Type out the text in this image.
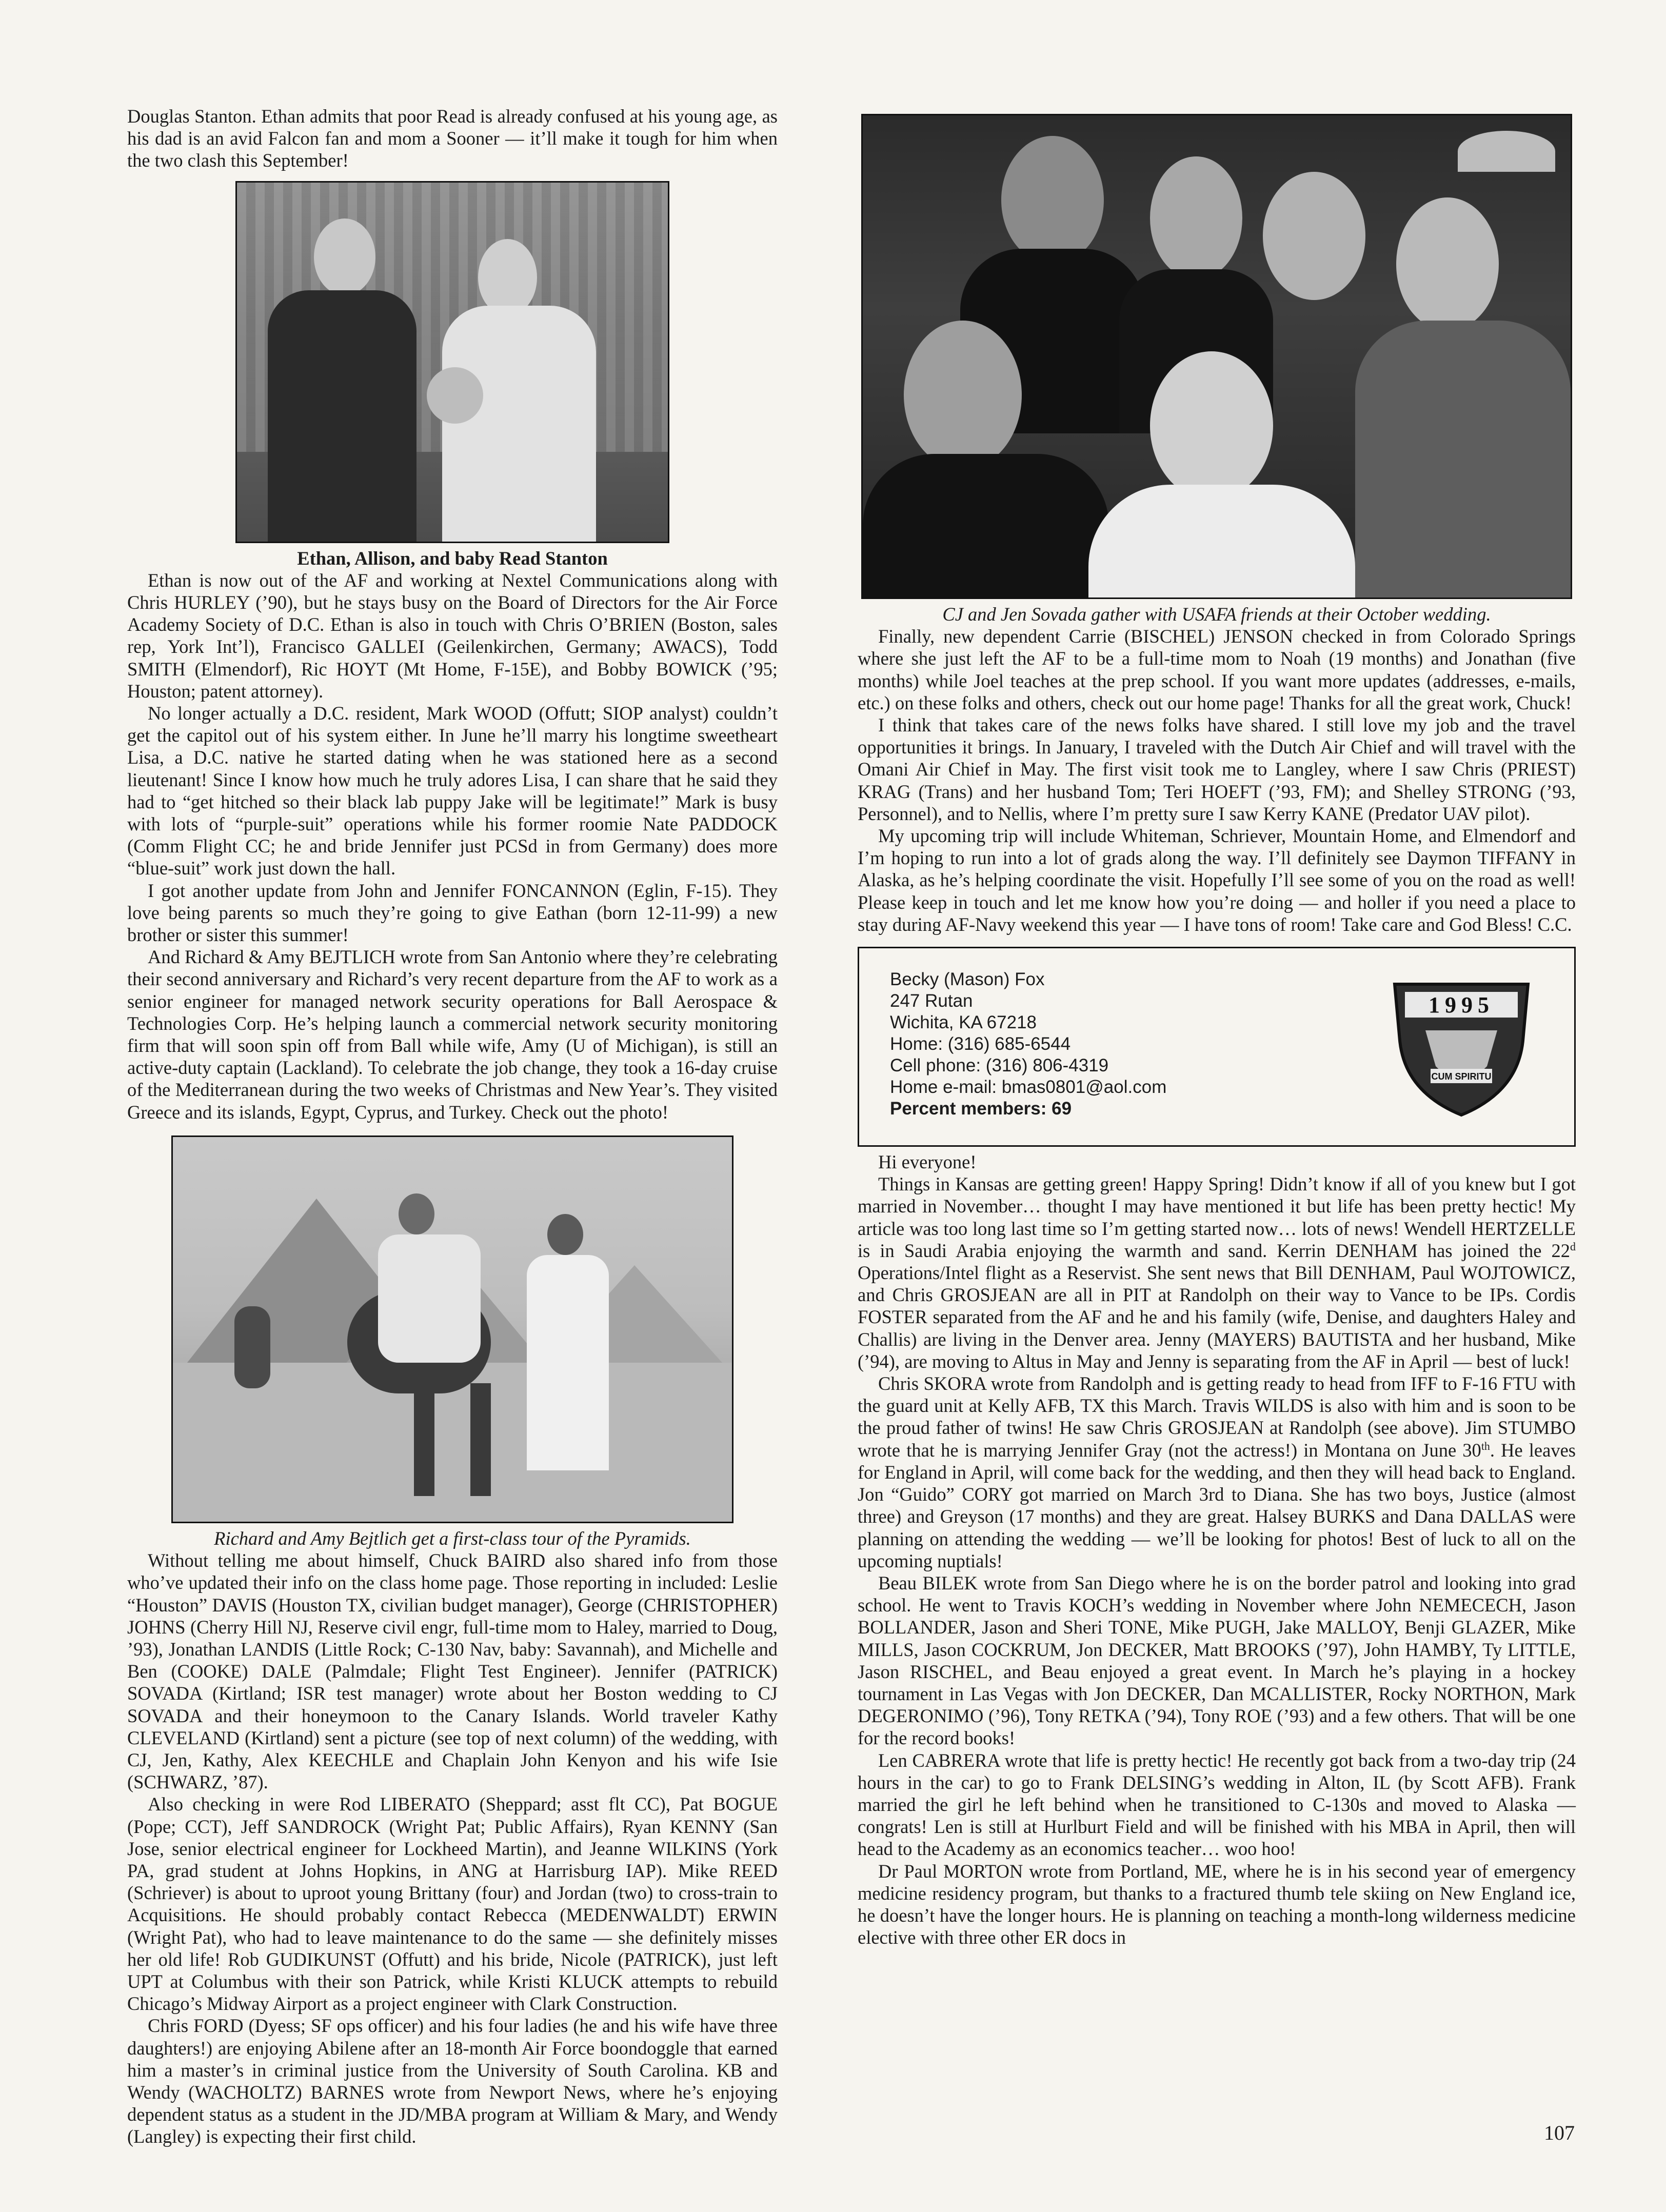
Douglas Stanton. Ethan admits that poor Read is already confused at his young age, as his dad is an avid Falcon fan and mom a Sooner — it’ll make it tough for him when the two clash this September!

Ethan, Allison, and baby Read Stanton

Ethan is now out of the AF and working at Nextel Communications along with Chris HURLEY (’90), but he stays busy on the Board of Directors for the Air Force Academy Society of D.C. Ethan is also in touch with Chris O’BRIEN (Boston, sales rep, York Int’l), Francisco GALLEI (Geilenkirchen, Germany; AWACS), Todd SMITH (Elmendorf), Ric HOYT (Mt Home, F-15E), and Bobby BOWICK (’95; Houston; patent attorney).

No longer actually a D.C. resident, Mark WOOD (Offutt; SIOP analyst) couldn’t get the capitol out of his system either. In June he’ll marry his longtime sweetheart Lisa, a D.C. native he started dating when he was stationed here as a second lieutenant! Since I know how much he truly adores Lisa, I can share that he said they had to “get hitched so their black lab puppy Jake will be legitimate!” Mark is busy with lots of “purple-suit” operations while his former roomie Nate PADDOCK (Comm Flight CC; he and bride Jennifer just PCSd in from Germany) does more “blue-suit” work just down the hall.

I got another update from John and Jennifer FONCANNON (Eglin, F-15). They love being parents so much they’re going to give Eathan (born 12-11-99) a new brother or sister this summer!

And Richard & Amy BEJTLICH wrote from San Antonio where they’re celebrating their second anniversary and Richard’s very recent departure from the AF to work as a senior engineer for managed network security operations for Ball Aerospace & Technologies Corp. He’s helping launch a commercial network security monitoring firm that will soon spin off from Ball while wife, Amy (U of Michigan), is still an active-duty captain (Lackland). To celebrate the job change, they took a 16-day cruise of the Mediterranean during the two weeks of Christmas and New Year’s. They visited Greece and its islands, Egypt, Cyprus, and Turkey. Check out the photo!

Richard and Amy Bejtlich get a first-class tour of the Pyramids.

Without telling me about himself, Chuck BAIRD also shared info from those who’ve updated their info on the class home page. Those reporting in included: Leslie “Houston” DAVIS (Houston TX, civilian budget manager), George (CHRISTOPHER) JOHNS (Cherry Hill NJ, Reserve civil engr, full-time mom to Haley, married to Doug, ’93), Jonathan LANDIS (Little Rock; C-130 Nav, baby: Savannah), and Michelle and Ben (COOKE) DALE (Palmdale; Flight Test Engineer). Jennifer (PATRICK) SOVADA (Kirtland; ISR test manager) wrote about her Boston wedding to CJ SOVADA and their honeymoon to the Canary Islands. World traveler Kathy CLEVELAND (Kirtland) sent a picture (see top of next column) of the wedding, with CJ, Jen, Kathy, Alex KEECHLE and Chaplain John Kenyon and his wife Isie (SCHWARZ, ’87).

Also checking in were Rod LIBERATO (Sheppard; asst flt CC), Pat BOGUE (Pope; CCT), Jeff SANDROCK (Wright Pat; Public Affairs), Ryan KENNY (San Jose, senior electrical engineer for Lockheed Martin), and Jeanne WILKINS (York PA, grad student at Johns Hopkins, in ANG at Harrisburg IAP). Mike REED (Schriever) is about to uproot young Brittany (four) and Jordan (two) to cross-train to Acquisitions. He should probably contact Rebecca (MEDENWALDT) ERWIN (Wright Pat), who had to leave maintenance to do the same — she definitely misses her old life! Rob GUDIKUNST (Offutt) and his bride, Nicole (PATRICK), just left UPT at Columbus with their son Patrick, while Kristi KLUCK attempts to rebuild Chicago’s Midway Airport as a project engineer with Clark Construction.

Chris FORD (Dyess; SF ops officer) and his four ladies (he and his wife have three daughters!) are enjoying Abilene after an 18-month Air Force boondoggle that earned him a master’s in criminal justice from the University of South Carolina. KB and Wendy (WACHOLTZ) BARNES wrote from Newport News, where he’s enjoying dependent status as a student in the JD/MBA program at William & Mary, and Wendy (Langley) is expecting their first child.

CJ and Jen Sovada gather with USAFA friends at their October wedding.

Finally, new dependent Carrie (BISCHEL) JENSON checked in from Colorado Springs where she just left the AF to be a full-time mom to Noah (19 months) and Jonathan (five months) while Joel teaches at the prep school. If you want more updates (addresses, e-mails, etc.) on these folks and others, check out our home page! Thanks for all the great work, Chuck!

I think that takes care of the news folks have shared. I still love my job and the travel opportunities it brings. In January, I traveled with the Dutch Air Chief and will travel with the Omani Air Chief in May. The first visit took me to Langley, where I saw Chris (PRIEST) KRAG (Trans) and her husband Tom; Teri HOEFT (’93, FM); and Shelley STRONG (’93, Personnel), and to Nellis, where I’m pretty sure I saw Kerry KANE (Predator UAV pilot).

My upcoming trip will include Whiteman, Schriever, Mountain Home, and Elmendorf and I’m hoping to run into a lot of grads along the way. I’ll definitely see Daymon TIFFANY in Alaska, as he’s helping coordinate the visit. Hopefully I’ll see some of you on the road as well! Please keep in touch and let me know how you’re doing — and holler if you need a place to stay during AF-Navy weekend this year — I have tons of room! Take care and God Bless! C.C.

Becky (Mason) Fox
247 Rutan
Wichita, KA 67218
Home: (316) 685-6544
Cell phone: (316) 806-4319
Home e-mail: bmas0801@aol.com
Percent members: 69
1995
CUM SPIRITU

Hi everyone!

Things in Kansas are getting green! Happy Spring! Didn’t know if all of you knew but I got married in November… thought I may have mentioned it but life has been pretty hectic! My article was too long last time so I’m getting started now… lots of news! Wendell HERTZELLE is in Saudi Arabia enjoying the warmth and sand. Kerrin DENHAM has joined the 22$^d$ Operations/Intel flight as a Reservist. She sent news that Bill DENHAM, Paul WOJTOWICZ, and Chris GROSJEAN are all in PIT at Randolph on their way to Vance to be IPs. Cordis FOSTER separated from the AF and he and his family (wife, Denise, and daughters Haley and Challis) are living in the Denver area. Jenny (MAYERS) BAUTISTA and her husband, Mike (’94), are moving to Altus in May and Jenny is separating from the AF in April — best of luck!

Chris SKORA wrote from Randolph and is getting ready to head from IFF to F-16 FTU with the guard unit at Kelly AFB, TX this March. Travis WILDS is also with him and is soon to be the proud father of twins! He saw Chris GROSJEAN at Randolph (see above). Jim STUMBO wrote that he is marrying Jennifer Gray (not the actress!) in Montana on June 30th. He leaves for England in April, will come back for the wedding, and then they will head back to England. Jon “Guido” CORY got married on March 3rd to Diana. She has two boys, Justice (almost three) and Greyson (17 months) and they are great. Halsey BURKS and Dana DALLAS were planning on attending the wedding — we’ll be looking for photos! Best of luck to all on the upcoming nuptials!

Beau BILEK wrote from San Diego where he is on the border patrol and looking into grad school. He went to Travis KOCH’s wedding in November where John NEMECECH, Jason BOLLANDER, Jason and Sheri TONE, Mike PUGH, Jake MALLOY, Benji GLAZER, Mike MILLS, Jason COCKRUM, Jon DECKER, Matt BROOKS (’97), John HAMBY, Ty LITTLE, Jason RISCHEL, and Beau enjoyed a great event. In March he’s playing in a hockey tournament in Las Vegas with Jon DECKER, Dan MCALLISTER, Rocky NORTHON, Mark DEGERONIMO (’96), Tony RETKA (’94), Tony ROE (’93) and a few others. That will be one for the record books!

Len CABRERA wrote that life is pretty hectic! He recently got back from a two-day trip (24 hours in the car) to go to Frank DELSING’s wedding in Alton, IL (by Scott AFB). Frank married the girl he left behind when he transitioned to C-130s and moved to Alaska — congrats! Len is still at Hurlburt Field and will be finished with his MBA in April, then will head to the Academy as an economics teacher… woo hoo!

Dr Paul MORTON wrote from Portland, ME, where he is in his second year of emergency medicine residency program, but thanks to a fractured thumb tele skiing on New England ice, he doesn’t have the longer hours. He is planning on teaching a month-long wilderness medicine elective with three other ER docs in

107
